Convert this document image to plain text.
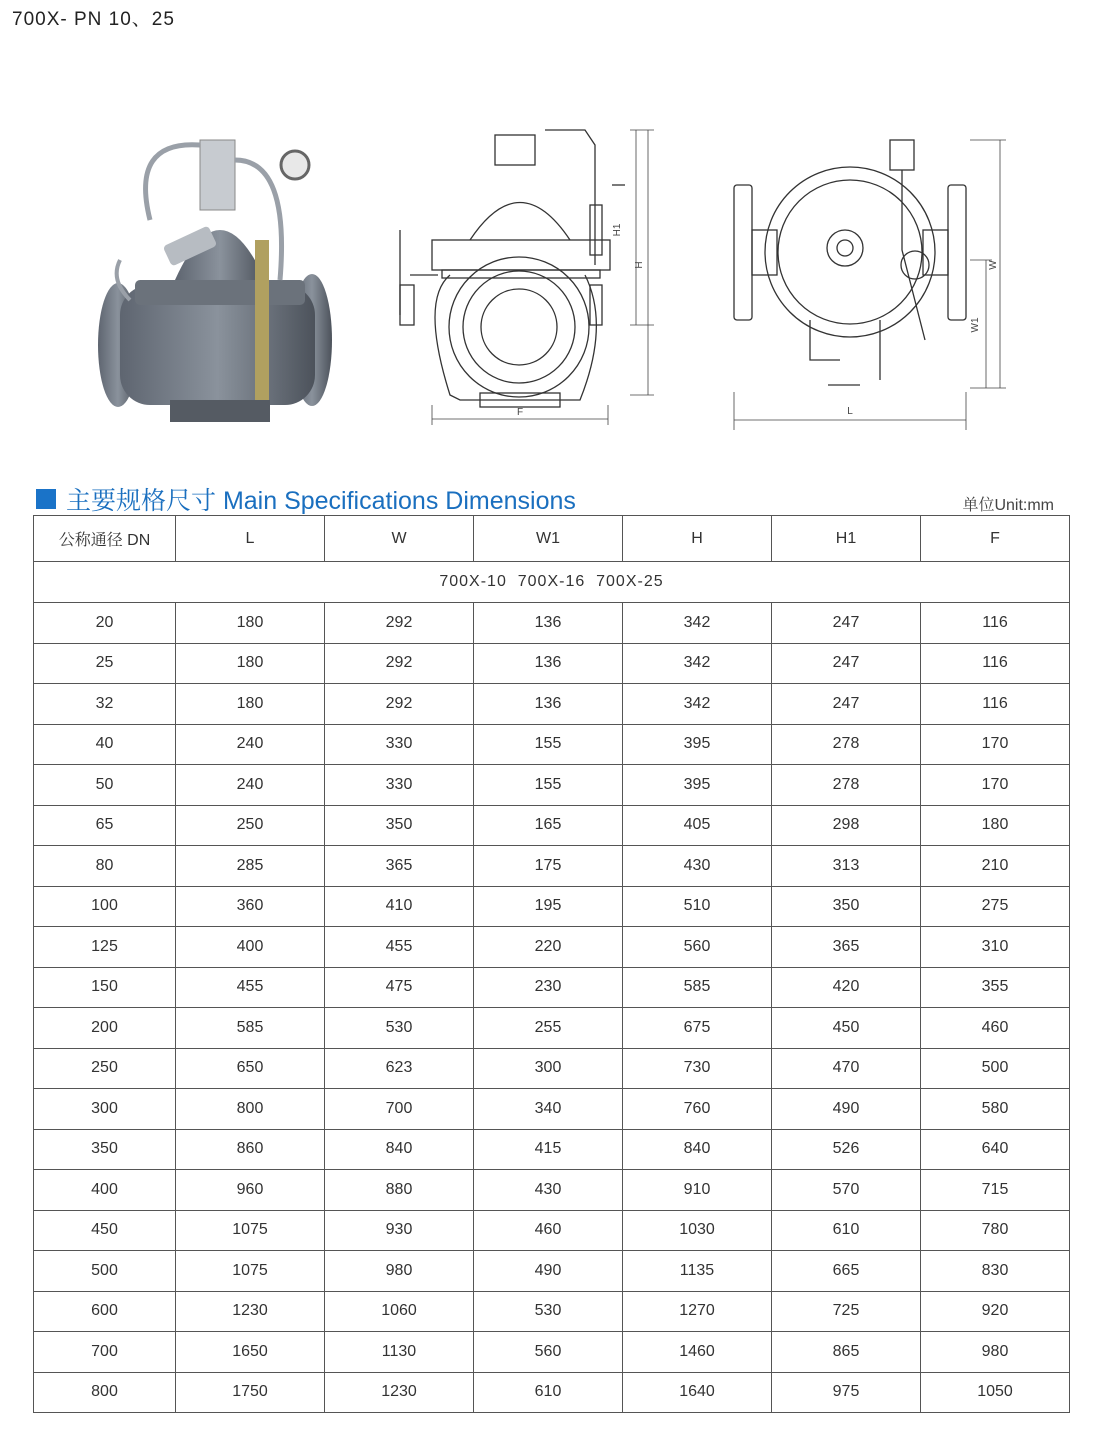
700X- PN 10、25
H1
H
F
W
W1
L
主要规格尺寸 Main Specifications Dimensions	单位Unit:mm
公称通径 DN	L	W	W1	H	H1	F
700X-10  700X-16  700X-25						
20	180	292	136	342	247	116
25	180	292	136	342	247	116
32	180	292	136	342	247	116
40	240	330	155	395	278	170
50	240	330	155	395	278	170
65	250	350	165	405	298	180
80	285	365	175	430	313	210
100	360	410	195	510	350	275
125	400	455	220	560	365	310
150	455	475	230	585	420	355
200	585	530	255	675	450	460
250	650	623	300	730	470	500
300	800	700	340	760	490	580
350	860	840	415	840	526	640
400	960	880	430	910	570	715
450	1075	930	460	1030	610	780
500	1075	980	490	1135	665	830
600	1230	1060	530	1270	725	920
700	1650	1130	560	1460	865	980
800	1750	1230	610	1640	975	1050
